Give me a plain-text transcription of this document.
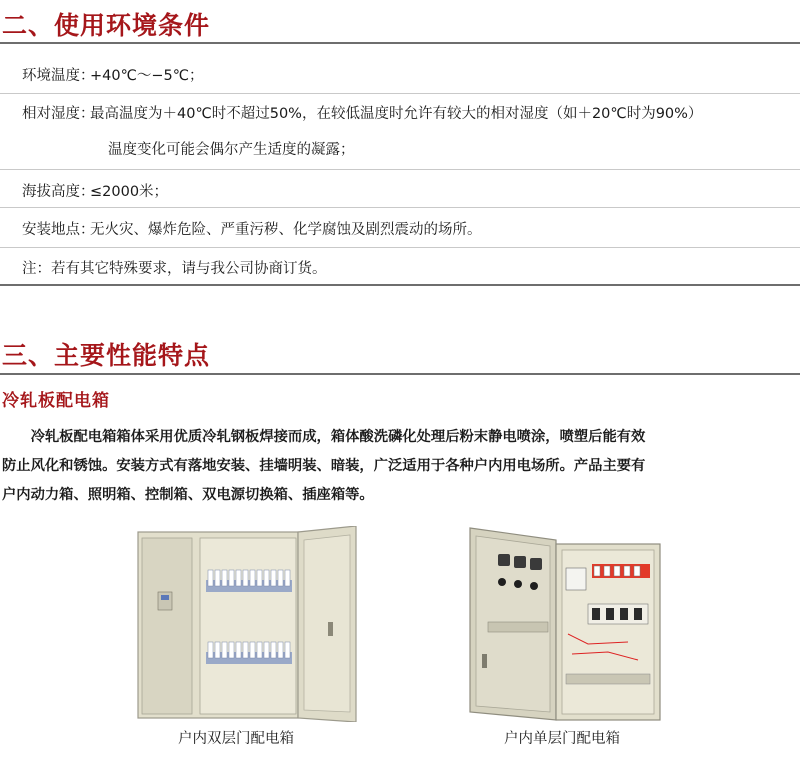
二、使用环境条件
环境温度：
+40℃～−5℃；
相对湿度：
最高温度为＋40℃时不超过50%，在较低温度时允许有较大的相对湿度（如＋20℃时为90%）
温度变化可能会偶尔产生适度的凝露；
海拔高度：
≤2000米；
安装地点：
无火灾、爆炸危险、严重污秽、化学腐蚀及剧烈震动的场所。
注：若有其它特殊要求，请与我公司协商订货。
三、主要性能特点
冷轧板配电箱
　　冷轧板配电箱箱体采用优质冷轧钢板焊接而成，箱体酸洗磷化处理后粉末静电喷涂，喷塑后能有效
防止风化和锈蚀。安装方式有落地安装、挂墙明装、暗装，广泛适用于各种户内用电场所。产品主要有
户内动力箱、照明箱、控制箱、双电源切换箱、插座箱等。
户内双层门配电箱	户内单层门配电箱
